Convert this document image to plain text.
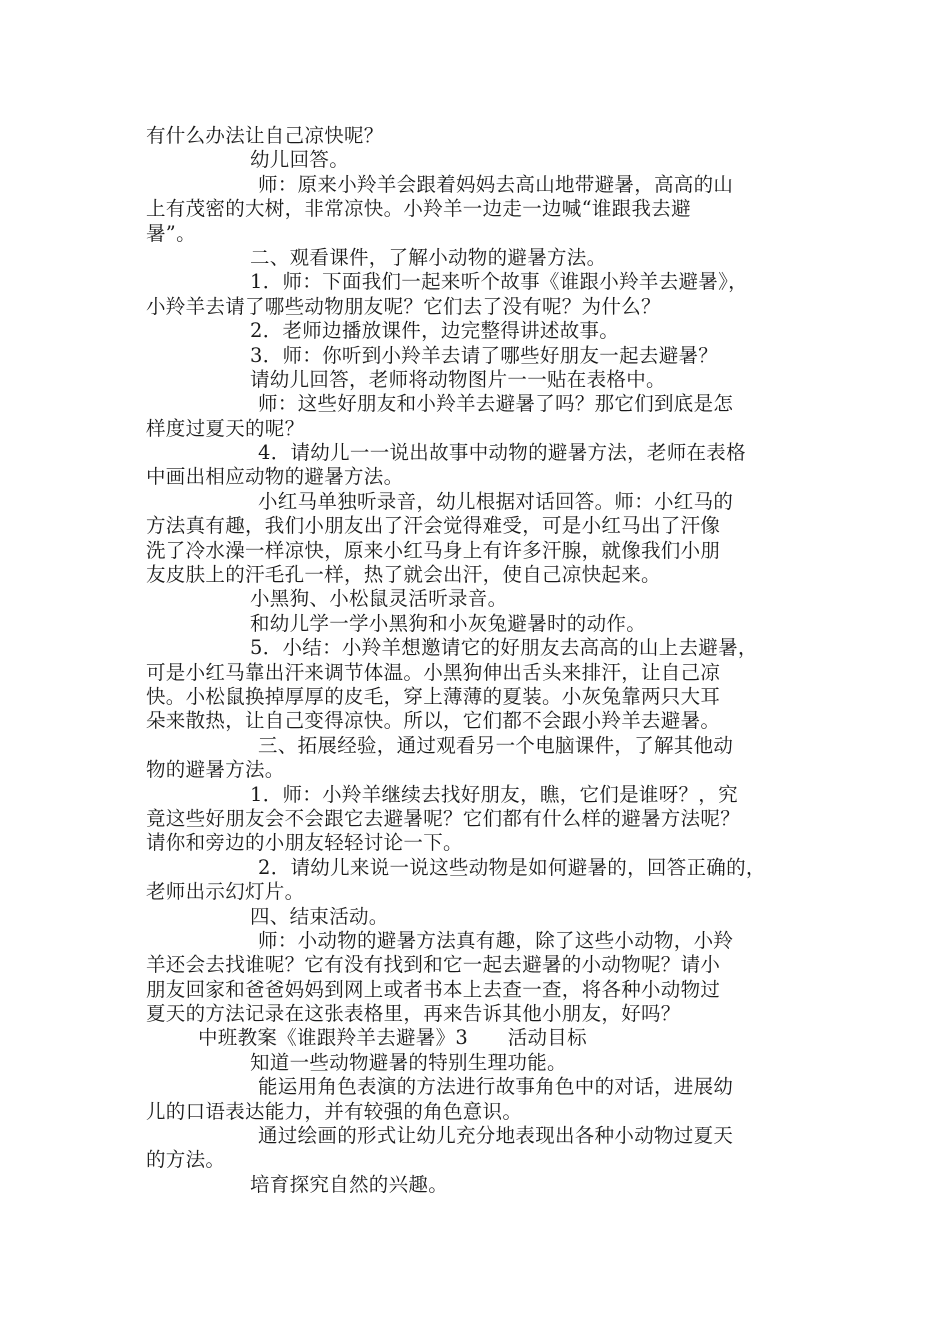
有什么办法让自己凉快呢？
幼儿回答。
师：原来小羚羊会跟着妈妈去高山地带避暑，高高的山
上有茂密的大树，非常凉快。小羚羊一边走一边喊“谁跟我去避
暑”。
二、观看课件，了解小动物的避暑方法。
1．师：下面我们一起来听个故事《谁跟小羚羊去避暑》，
小羚羊去请了哪些动物朋友呢？它们去了没有呢？为什么？
2．老师边播放课件，边完整得讲述故事。
3．师：你听到小羚羊去请了哪些好朋友一起去避暑？
请幼儿回答，老师将动物图片一一贴在表格中。
师：这些好朋友和小羚羊去避暑了吗？那它们到底是怎
样度过夏天的呢？
4．请幼儿一一说出故事中动物的避暑方法，老师在表格
中画出相应动物的避暑方法。
小红马单独听录音，幼儿根据对话回答。师：小红马的
方法真有趣，我们小朋友出了汗会觉得难受，可是小红马出了汗像
洗了冷水澡一样凉快，原来小红马身上有许多汗腺，就像我们小朋
友皮肤上的汗毛孔一样，热了就会出汗，使自己凉快起来。
小黑狗、小松鼠灵活听录音。
和幼儿学一学小黑狗和小灰兔避暑时的动作。
5．小结：小羚羊想邀请它的好朋友去高高的山上去避暑，
可是小红马靠出汗来调节体温。小黑狗伸出舌头来排汗，让自己凉
快。小松鼠换掉厚厚的皮毛，穿上薄薄的夏装。小灰兔靠两只大耳
朵来散热，让自己变得凉快。所以，它们都不会跟小羚羊去避暑。
三、拓展经验，通过观看另一个电脑课件，了解其他动
物的避暑方法。
1．师：小羚羊继续去找好朋友，瞧，它们是谁呀？，究
竟这些好朋友会不会跟它去避暑呢？它们都有什么样的避暑方法呢？
请你和旁边的小朋友轻轻讨论一下。
2．请幼儿来说一说这些动物是如何避暑的，回答正确的，
老师出示幻灯片。
四、结束活动。
师：小动物的避暑方法真有趣，除了这些小动物，小羚
羊还会去找谁呢？它有没有找到和它一起去避暑的小动物呢？请小
朋友回家和爸爸妈妈到网上或者书本上去查一查，将各种小动物过
夏天的方法记录在这张表格里，再来告诉其他小朋友，好吗？
中班教案《谁跟羚羊去避暑》3　　活动目标
知道一些动物避暑的特别生理功能。
能运用角色表演的方法进行故事角色中的对话，进展幼
儿的口语表达能力，并有较强的角色意识。
通过绘画的形式让幼儿充分地表现出各种小动物过夏天
的方法。
培育探究自然的兴趣。
